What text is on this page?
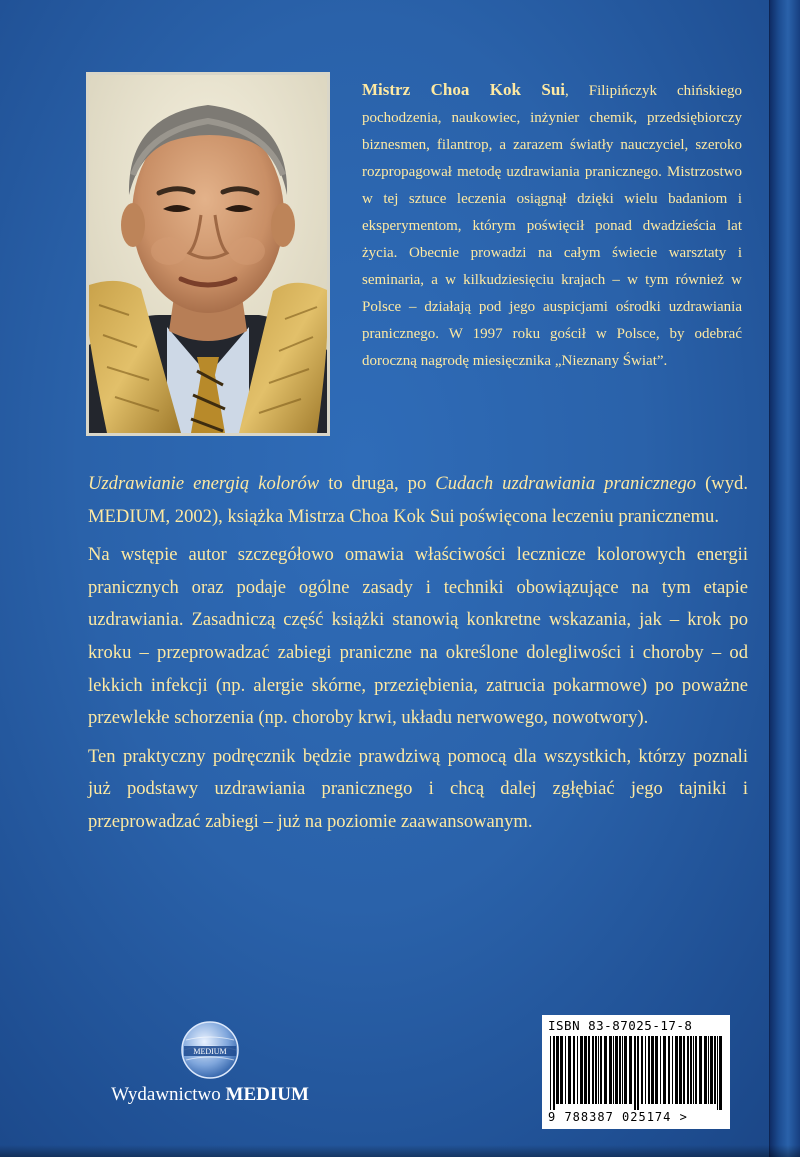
Mistrz Choa Kok Sui, Filipińczyk chińskiego pochodzenia, naukowiec, inżynier chemik, przedsiębiorczy biznesmen, filantrop, a zarazem światły nauczyciel, szeroko rozpropagował metodę uzdrawiania pranicznego. Mistrzostwo w tej sztuce leczenia osiągnął dzięki wielu badaniom i eksperymentom, którym poświęcił ponad dwadzieścia lat życia. Obecnie prowadzi na całym świecie warsztaty i seminaria, a w kilkudziesięciu krajach – w tym również w Polsce – działają pod jego auspicjami ośrodki uzdrawiania pranicznego. W 1997 roku gościł w Polsce, by odebrać doroczną nagrodę miesięcznika „Nieznany Świat”.

Uzdrawianie energią kolorów to druga, po Cudach uzdrawiania pranicznego (wyd. MEDIUM, 2002), książka Mistrza Choa Kok Sui poświęcona leczeniu pranicznemu.

Na wstępie autor szczegółowo omawia właściwości lecznicze kolorowych energii pranicznych oraz podaje ogólne zasady i techniki obowiązujące na tym etapie uzdrawiania. Zasadniczą część książki stanowią konkretne wskazania, jak – krok po kroku – przeprowadzać zabiegi praniczne na określone dolegliwości i choroby – od lekkich infekcji (np. alergie skórne, przeziębienia, zatrucia pokarmowe) po poważne przewlekłe schorzenia (np. choroby krwi, układu nerwowego, nowotwory).

Ten praktyczny podręcznik będzie prawdziwą pomocą dla wszystkich, którzy poznali już podstawy uzdrawiania pranicznego i chcą dalej zgłębiać jego tajniki i przeprowadzać zabiegi – już na poziomie zaawansowanym.

MEDIUM
Wydawnictwo MEDIUM
ISBN 83-87025-17-8
9 788387 025174 >
